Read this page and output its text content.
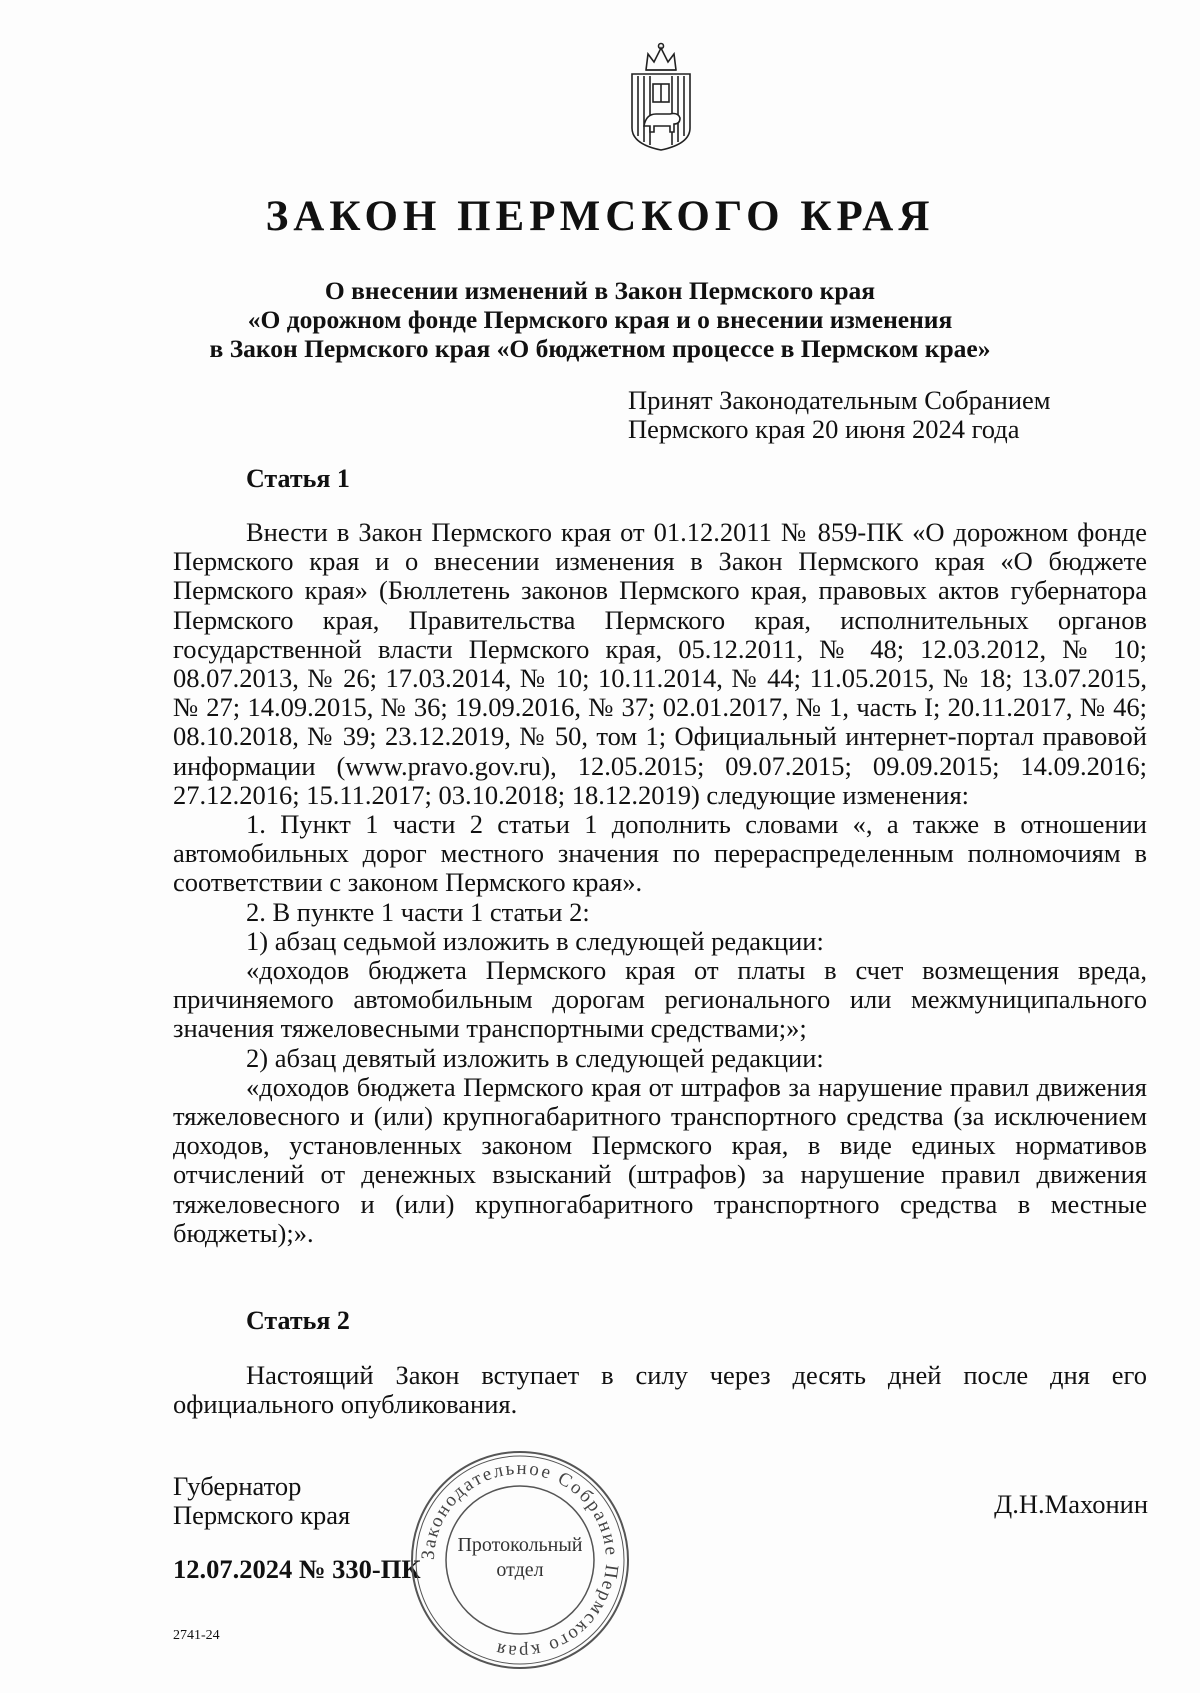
ЗАКОН ПЕРМСКОГО КРАЯ
О внесении изменений в Закон Пермского края
«О дорожном фонде Пермского края и о внесении изменения
в Закон Пермского края «О бюджетном процессе в Пермском крае»
Принят Законодательным Собранием
Пермского края 20 июня 2024 года
Статья 1

Внести в Закон Пермского края от 01.12.2011 № 859-ПК «О дорожном фонде Пермского края и о внесении изменения в Закон Пермского края «О бюджете Пермского края» (Бюллетень законов Пермского края, правовых актов губернатора Пермского края, Правительства Пермского края, исполнительных органов государственной власти Пермского края, 05.12.2011, № 48; 12.03.2012, № 10; 08.07.2013, № 26; 17.03.2014, № 10; 10.11.2014, № 44; 11.05.2015, № 18; 13.07.2015, № 27; 14.09.2015, № 36; 19.09.2016, № 37; 02.01.2017, № 1, часть I; 20.11.2017, № 46; 08.10.2018, № 39; 23.12.2019, № 50, том 1; Официальный интернет-портал правовой информации (www.pravo.gov.ru), 12.05.2015; 09.07.2015; 09.09.2015; 14.09.2016; 27.12.2016; 15.11.2017; 03.10.2018; 18.12.2019) следующие изменения:

1. Пункт 1 части 2 статьи 1 дополнить словами «, а также в отношении автомобильных дорог местного значения по перераспределенным полномочиям в соответствии с законом Пермского края».

2. В пункте 1 части 1 статьи 2:

1) абзац седьмой изложить в следующей редакции:

«доходов бюджета Пермского края от платы в счет возмещения вреда, причиняемого автомобильным дорогам регионального или межмуниципального значения тяжеловесными транспортными средствами;»;

2) абзац девятый изложить в следующей редакции:

«доходов бюджета Пермского края от штрафов за нарушение правил движения тяжеловесного и (или) крупногабаритного транспортного средства (за исключением доходов, установленных законом Пермского края, в виде единых нормативов отчислений от денежных взысканий (штрафов) за нарушение правил движения тяжеловесного и (или) крупногабаритного транспортного средства в местные бюджеты);».

Статья 2

Настоящий Закон вступает в силу через десять дней после дня его официального опубликования.

Губернатор
Пермского края	Д.Н.Махонин
12.07.2024 № 330-ПК
2741-24
Законодательное Собрание Пермского края
Протокольный
отдел
